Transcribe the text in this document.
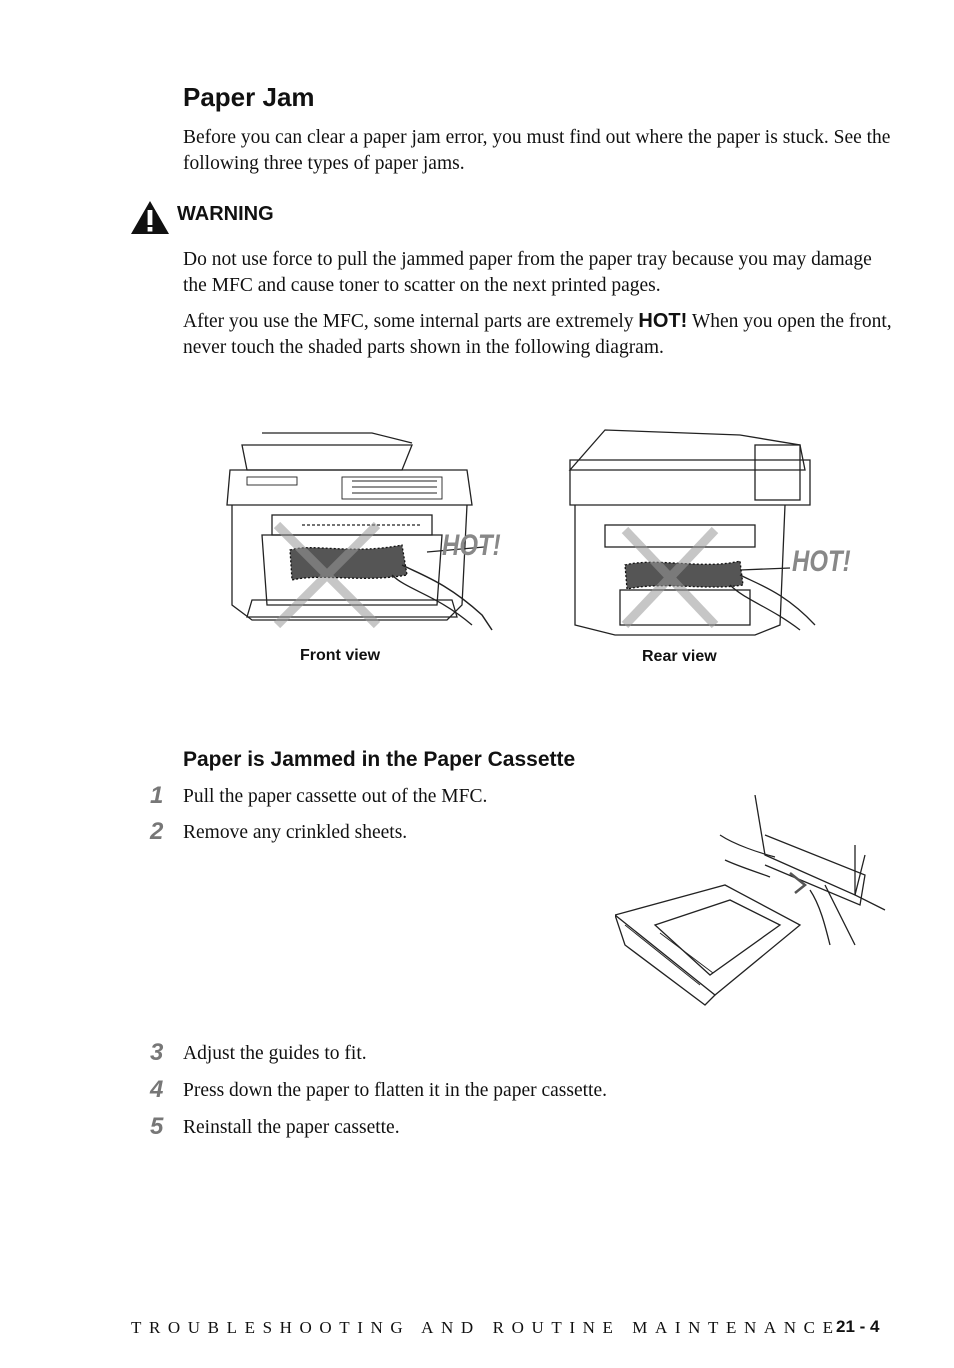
Paper Jam
Before you can clear a paper jam error, you must find out where the paper is stuck. See the following three types of paper jams.
WARNING
Do not use force to pull the jammed paper from the paper tray because you may damage the MFC and cause toner to scatter on the next printed pages.
After you use the MFC, some internal parts are extremely HOT! When you open the front, never touch the shaded parts shown in the following diagram.
HOT!
Front view
HOT!
Rear view
Paper is Jammed in the Paper Cassette
1 Pull the paper cassette out of the MFC.
2 Remove any crinkled sheets.
3 Adjust the guides to fit.
4 Press down the paper to flatten it in the paper cassette.
5 Reinstall the paper cassette.
TROUBLESHOOTING AND ROUTINE MAINTENANCE
21 - 4
